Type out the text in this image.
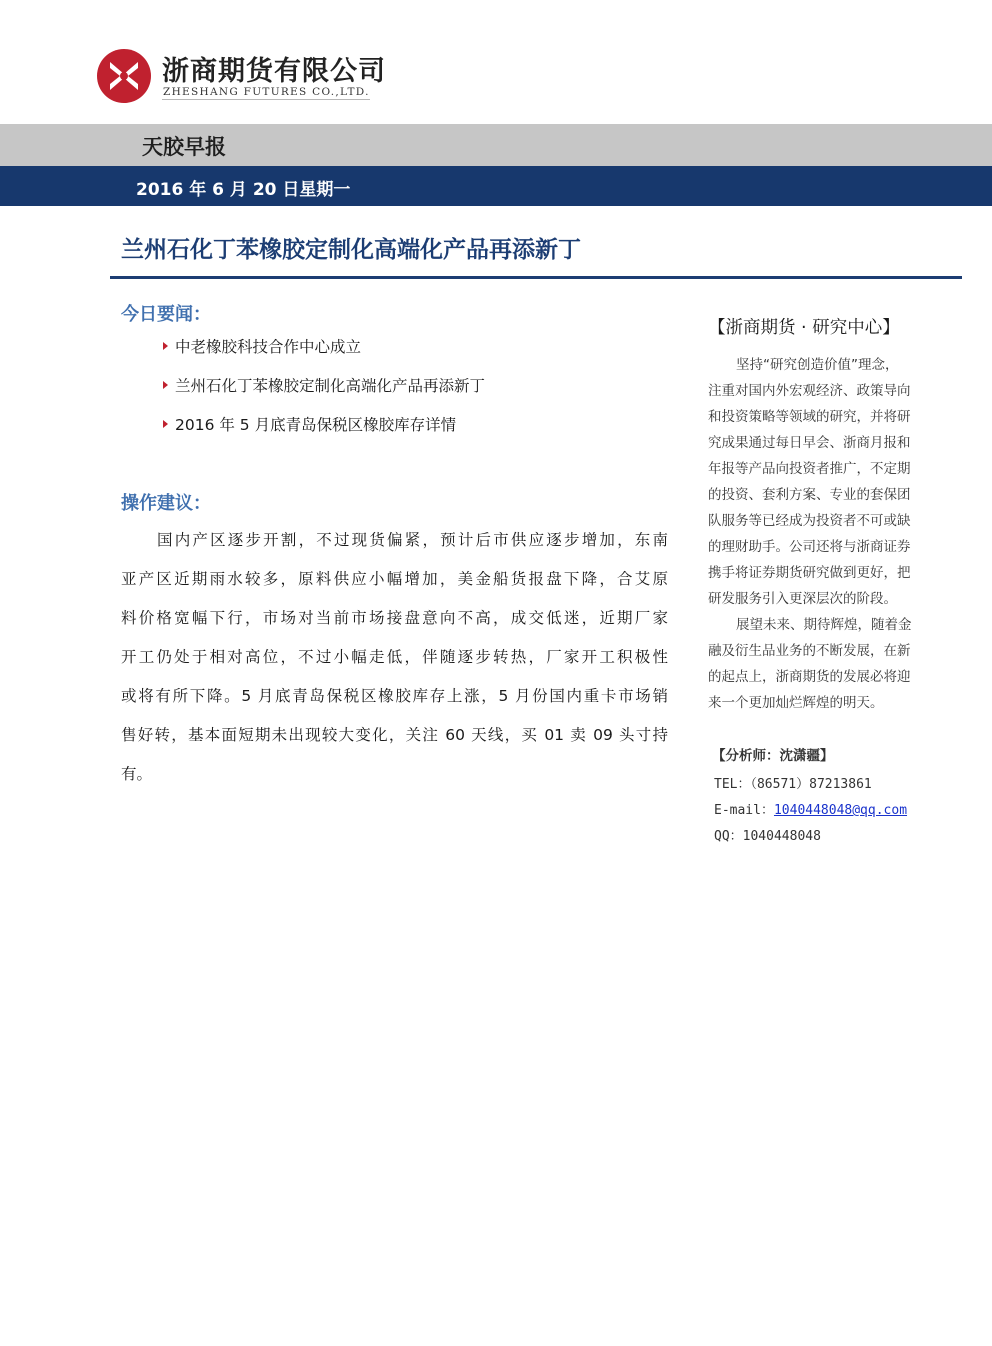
浙商期货有限公司
ZHESHANG FUTURES CO.,LTD.
天胶早报
2016 年 6 月 20 日星期一
兰州石化丁苯橡胶定制化高端化产品再添新丁
今日要闻：
中老橡胶科技合作中心成立
兰州石化丁苯橡胶定制化高端化产品再添新丁
2016 年 5 月底青岛保税区橡胶库存详情
操作建议：

国内产区逐步开割，不过现货偏紧，预计后市供应逐步增加，东南
亚产区近期雨水较多，原料供应小幅增加，美金船货报盘下降，合艾原
料价格宽幅下行，市场对当前市场接盘意向不高，成交低迷，近期厂家
开工仍处于相对高位，不过小幅走低，伴随逐步转热，厂家开工积极性
或将有所下降。5 月底青岛保税区橡胶库存上涨，5 月份国内重卡市场销
售好转，基本面短期未出现较大变化，关注 60 天线，买 01 卖 09 头寸持
有。

【浙商期货 · 研究中心】

坚持“研究创造价值”理念，
注重对国内外宏观经济、政策导向
和投资策略等领域的研究，并将研
究成果通过每日早会、浙商月报和
年报等产品向投资者推广，不定期
的投资、套利方案、专业的套保团
队服务等已经成为投资者不可或缺
的理财助手。公司还将与浙商证券
携手将证券期货研究做到更好，把
研发服务引入更深层次的阶段。
展望未来、期待辉煌，随着金
融及衍生品业务的不断发展，在新
的起点上，浙商期货的发展必将迎
来一个更加灿烂辉煌的明天。

【分析师：沈潇疆】
TEL：（86571）87213861
E-mail：1040448048@qq.com
QQ：1040448048
